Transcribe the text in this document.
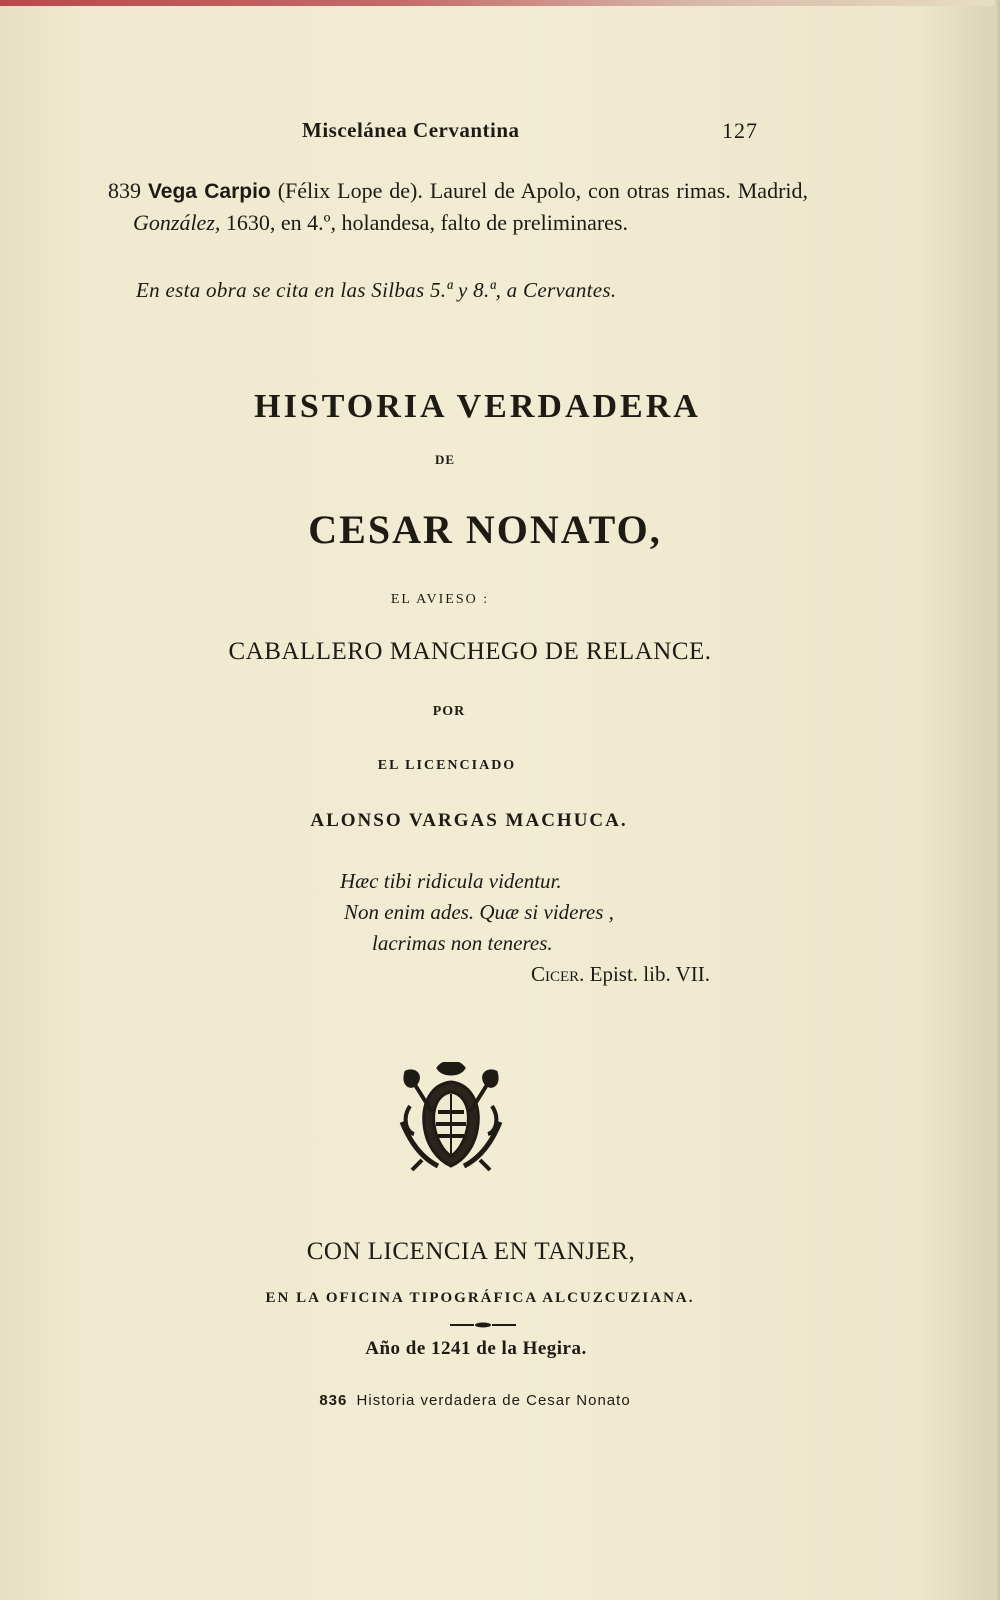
Miscelánea Cervantina	127

839 Vega Carpio (Félix Lope de). Laurel de Apolo, con otras rimas. Madrid, González, 1630, en 4.º, holandesa, falto de preliminares.

En esta obra se cita en las Silbas 5.ª y 8.ª, a Cervantes.
HISTORIA VERDADERA
DE
CESAR NONATO,
EL AVIESO :
CABALLERO MANCHEGO DE RELANCE.
POR
EL LICENCIADO
ALONSO VARGAS MACHUCA.
Hæc tibi ridicula videntur.
Non enim ades. Quæ si videres ,
lacrimas non teneres.
Cicer. Epist. lib. VII.
CON LICENCIA EN TANJER,
EN LA OFICINA TIPOGRÁFICA ALCUZCUZIANA.
Año de 1241 de la Hegira.
836 Historia verdadera de Cesar Nonato
